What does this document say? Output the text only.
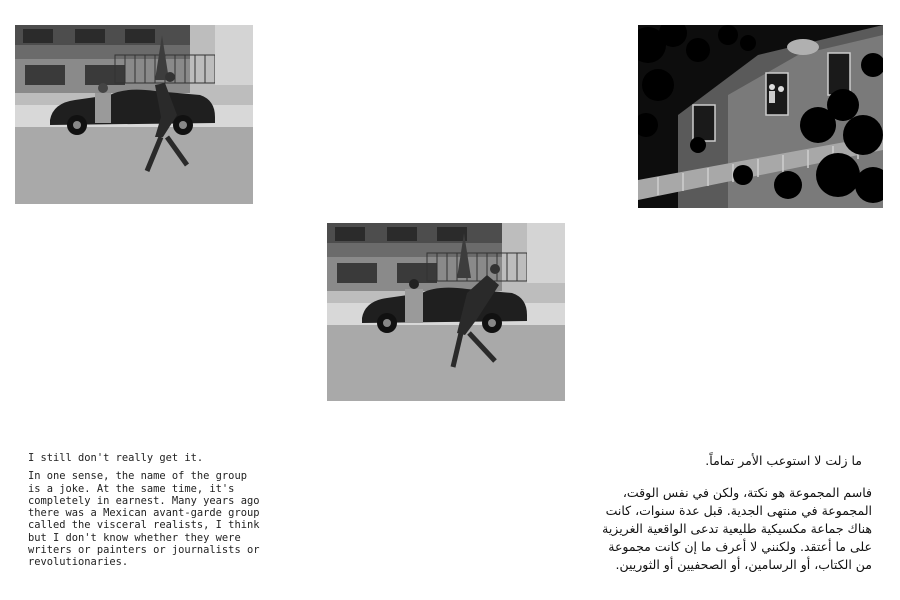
I still don't really get it.

In one sense, the name of the group
is a joke. At the same time, it's
completely in earnest. Many years ago
there was a Mexican avant-garde group
called the visceral realists, I think
but I don't know whether they were
writers or painters or journalists or
revolutionaries.

ما زلت لا استوعب الأمر تماماً.

فاسم المجموعة هو نكتة، ولكن في نفس الوقت،
المجموعة في منتهى الجدية. قبل عدة سنوات، كانت
هناك جماعة مكسيكية طليعية تدعى الواقعية الغريزية
على ما أعتقد. ولكنني لا أعرف ما إن كانت مجموعة
من الكتاب، أو الرسامين، أو الصحفيين أو الثوريين.
